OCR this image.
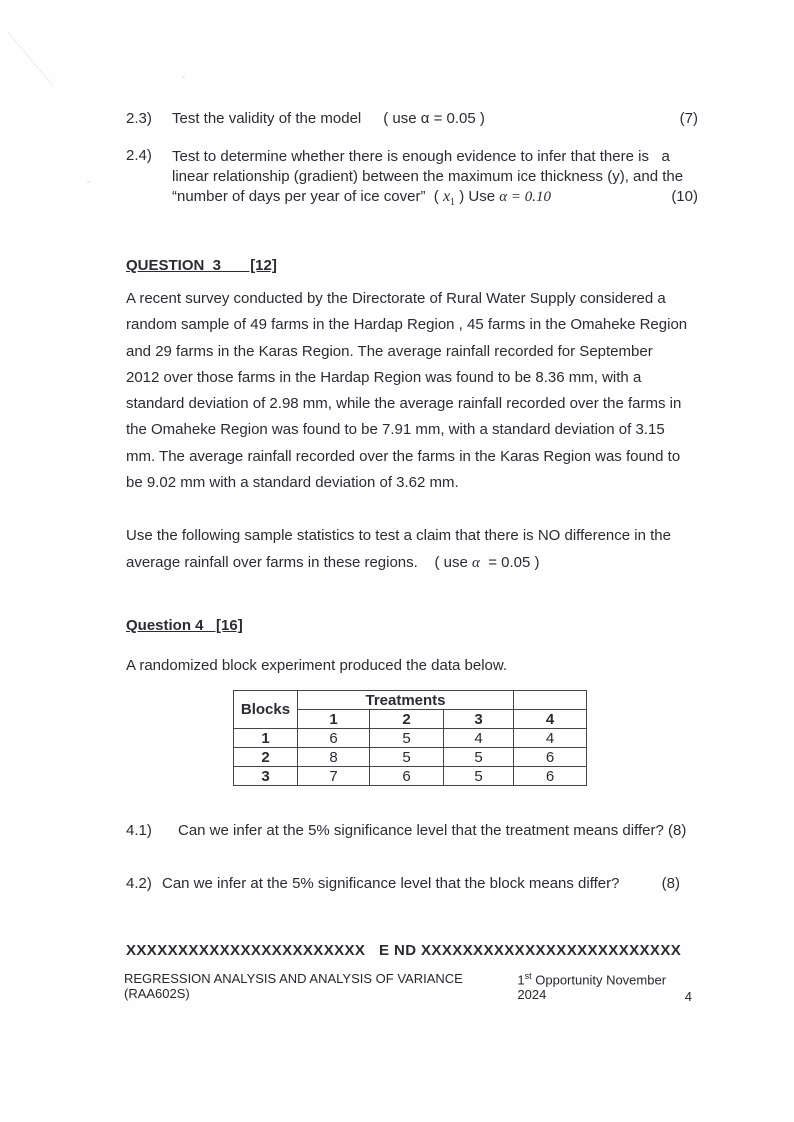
2.3)	Test the validity of the model ( use α = 0.05 )	(7)
2.4)	Test to determine whether there is enough evidence to infer that there is   a
linear relationship (gradient) between the maximum ice thickness (y), and the
“number of days per year of ice cover”  ( $x_1$ ) Use α = 0.10	(10)
QUESTION  3       [12]
A recent survey conducted by the Directorate of Rural Water Supply considered a
random sample of 49 farms in the Hardap Region , 45 farms in the Omaheke Region
and 29 farms in the Karas Region. The average rainfall recorded for September
2012 over those farms in the Hardap Region was found to be 8.36 mm, with a
standard deviation of 2.98 mm, while the average rainfall recorded over the farms in
the Omaheke Region was found to be 7.91 mm, with a standard deviation of 3.15
mm. The average rainfall recorded over the farms in the Karas Region was found to
be 9.02 mm with a standard deviation of 3.62 mm.
Use the following sample statistics to test a claim that there is NO difference in the
average rainfall over farms in these regions.    ( use α  = 0.05 )
Question 4   [16]
A randomized block experiment produced the data below.
Blocks	Treatments			
	1	2	3	4
1	6	5	4	4
2	8	5	5	6
3	7	6	5	6
4.1)	Can we infer at the 5% significance level that the treatment means differ? (8)
4.2) Can we infer at the 5% significance level that the block means differ?	(8)
XXXXXXXXXXXXXXXXXXXXXXX   E ND XXXXXXXXXXXXXXXXXXXXXXXXX
REGRESSION ANALYSIS AND ANALYSIS OF VARIANCE (RAA602S)
1st Opportunity November 2024	4
